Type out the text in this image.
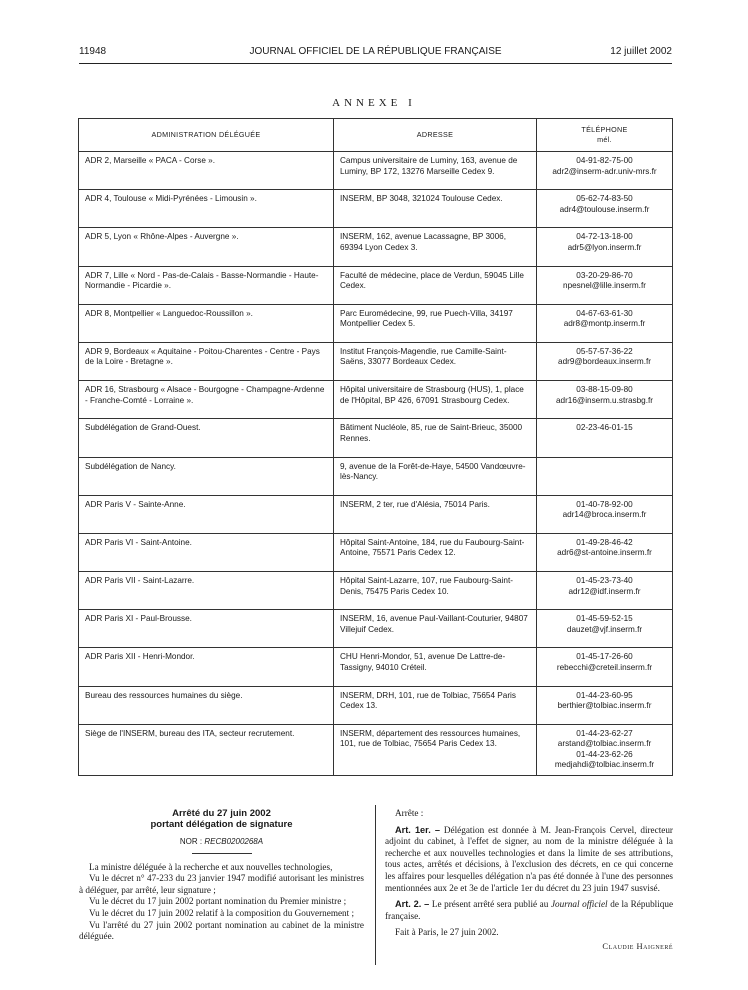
11948	JOURNAL OFFICIEL DE LA RÉPUBLIQUE FRANÇAISE	12 juillet 2002
ANNEXE I
ADMINISTRATION DÉLÉGUÉE	ADRESSE	TÉLÉPHONE
mél.

ADR 2, Marseille « PACA - Corse ».	Campus universitaire de Luminy, 163, avenue de Luminy, BP 172, 13276 Marseille Cedex 9.	04-91-82-75-00
adr2@inserm-adr.univ-mrs.fr

ADR 4, Toulouse « Midi-Pyrénées - Limousin ».	INSERM, BP 3048, 321024 Toulouse Cedex.	05-62-74-83-50
adr4@toulouse.inserm.fr

ADR 5, Lyon « Rhône-Alpes - Auvergne ».	INSERM, 162, avenue Lacassagne, BP 3006, 69394 Lyon Cedex 3.	04-72-13-18-00
adr5@lyon.inserm.fr

ADR 7, Lille « Nord - Pas-de-Calais - Basse-Normandie - Haute-Normandie - Picardie ».	Faculté de médecine, place de Verdun, 59045 Lille Cedex.	03-20-29-86-70
npesnel@lille.inserm.fr

ADR 8, Montpellier « Languedoc-Roussillon ».	Parc Euromédecine, 99, rue Puech-Villa, 34197 Montpellier Cedex 5.	04-67-63-61-30
adr8@montp.inserm.fr

ADR 9, Bordeaux « Aquitaine - Poitou-Charentes - Centre - Pays de la Loire - Bretagne ».	Institut François-Magendie, rue Camille-Saint-Saëns, 33077 Bordeaux Cedex.	05-57-57-36-22
adr9@bordeaux.inserm.fr

ADR 16, Strasbourg « Alsace - Bourgogne - Champagne-Ardenne - Franche-Comté - Lorraine ».	Hôpital universitaire de Strasbourg (HUS), 1, place de l'Hôpital, BP 426, 67091 Strasbourg Cedex.	03-88-15-09-80
adr16@inserm.u.strasbg.fr

Subdélégation de Grand-Ouest.	Bâtiment Nucléole, 85, rue de Saint-Brieuc, 35000 Rennes.	02-23-46-01-15

Subdélégation de Nancy.	9, avenue de la Forêt-de-Haye, 54500 Vandœuvre-lès-Nancy.	
ADR Paris V - Sainte-Anne.	INSERM, 2 ter, rue d'Alésia, 75014 Paris.	01-40-78-92-00
adr14@broca.inserm.fr

ADR Paris VI - Saint-Antoine.	Hôpital Saint-Antoine, 184, rue du Faubourg-Saint-Antoine, 75571 Paris Cedex 12.	01-49-28-46-42
adr6@st-antoine.inserm.fr

ADR Paris VII - Saint-Lazarre.	Hôpital Saint-Lazarre, 107, rue Faubourg-Saint-Denis, 75475 Paris Cedex 10.	01-45-23-73-40
adr12@idf.inserm.fr

ADR Paris XI - Paul-Brousse.	INSERM, 16, avenue Paul-Vaillant-Couturier, 94807 Villejuif Cedex.	01-45-59-52-15
dauzet@vjf.inserm.fr

ADR Paris XII - Henri-Mondor.	CHU Henri-Mondor, 51, avenue De Lattre-de-Tassigny, 94010 Créteil.	01-45-17-26-60
rebecchi@creteil.inserm.fr

Bureau des ressources humaines du siège.	INSERM, DRH, 101, rue de Tolbiac, 75654 Paris Cedex 13.	01-44-23-60-95
berthier@tolbiac.inserm.fr

Siège de l'INSERM, bureau des ITA, secteur recrutement.	INSERM, département des ressources humaines, 101, rue de Tolbiac, 75654 Paris Cedex 13.	01-44-23-62-27
arstand@tolbiac.inserm.fr
01-44-23-62-26
medjahdi@tolbiac.inserm.fr
Arrêté du 27 juin 2002
portant délégation de signature
NOR : RECB0200268A

La ministre déléguée à la recherche et aux nouvelles technologies,

Vu le décret n° 47-233 du 23 janvier 1947 modifié autorisant les ministres à déléguer, par arrêté, leur signature ;

Vu le décret du 17 juin 2002 portant nomination du Premier ministre ;

Vu le décret du 17 juin 2002 relatif à la composition du Gouvernement ;

Vu l'arrêté du 27 juin 2002 portant nomination au cabinet de la ministre déléguée.

Arrête :

Art. 1er. – Délégation est donnée à M. Jean-François Cervel, directeur adjoint du cabinet, à l'effet de signer, au nom de la ministre déléguée à la recherche et aux nouvelles technologies et dans la limite de ses attributions, tous actes, arrêtés et décisions, à l'exclusion des décrets, en ce qui concerne les affaires pour lesquelles délégation n'a pas été donnée à l'une des personnes mentionnées aux 2e et 3e de l'article 1er du décret du 23 juin 1947 susvisé.

Art. 2. – Le présent arrêté sera publié au Journal officiel de la République française.

Fait à Paris, le 27 juin 2002.
Claudie Haigneré
